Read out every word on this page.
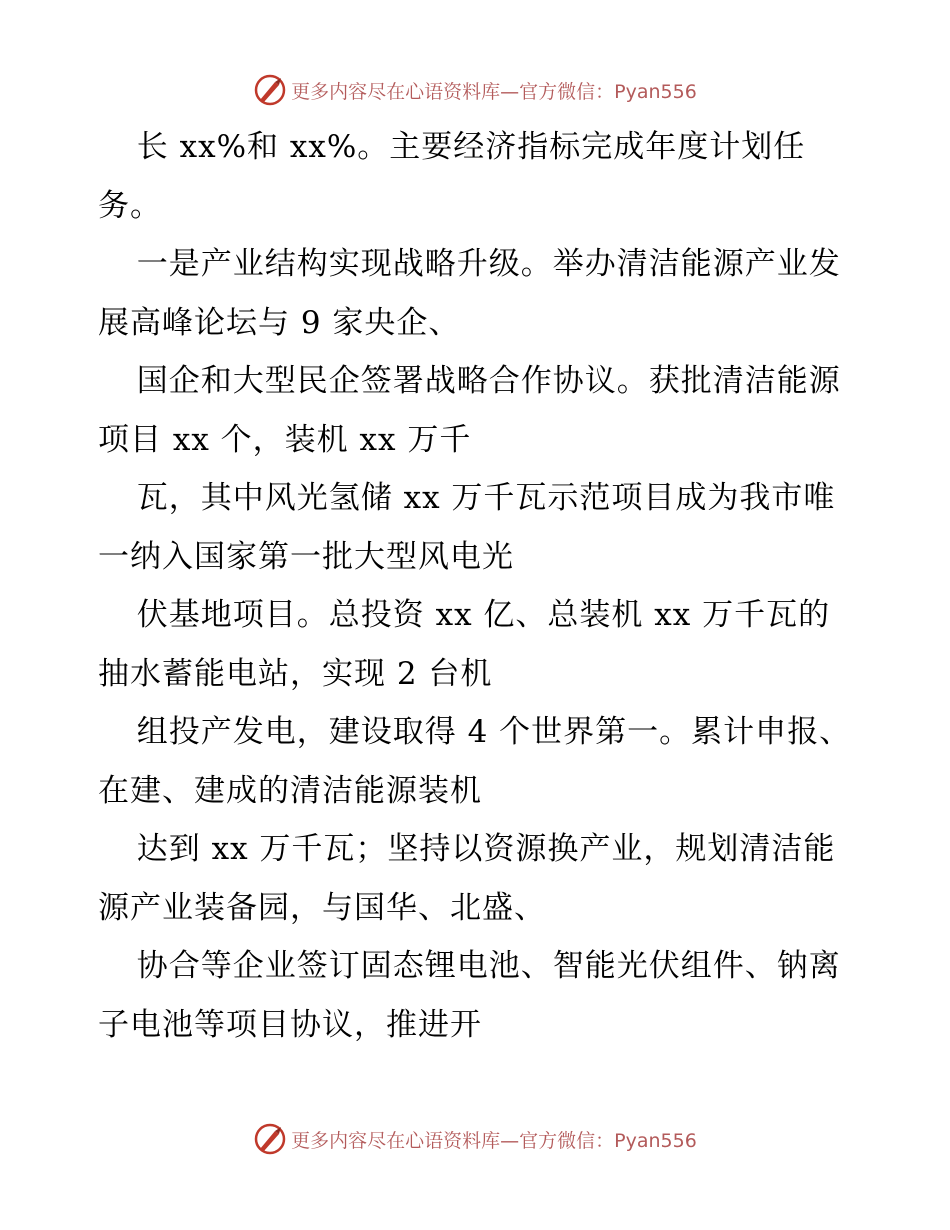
更多内容尽在心语资料库—官方微信：Pyan556

长 xx%和 xx%。主要经济指标完成年度计划任务。

一是产业结构实现战略升级。举办清洁能源产业发展高峰论坛与 9 家央企、

国企和大型民企签署战略合作协议。获批清洁能源项目 xx 个，装机 xx 万千

瓦，其中风光氢储 xx 万千瓦示范项目成为我市唯一纳入国家第一批大型风电光

伏基地项目。总投资 xx 亿、总装机 xx 万千瓦的抽水蓄能电站，实现 2 台机

组投产发电，建设取得 4 个世界第一。累计申报、在建、建成的清洁能源装机

达到 xx 万千瓦；坚持以资源换产业，规划清洁能源产业装备园，与国华、北盛、

协合等企业签订固态锂电池、智能光伏组件、钠离子电池等项目协议，推进开

更多内容尽在心语资料库—官方微信：Pyan556
